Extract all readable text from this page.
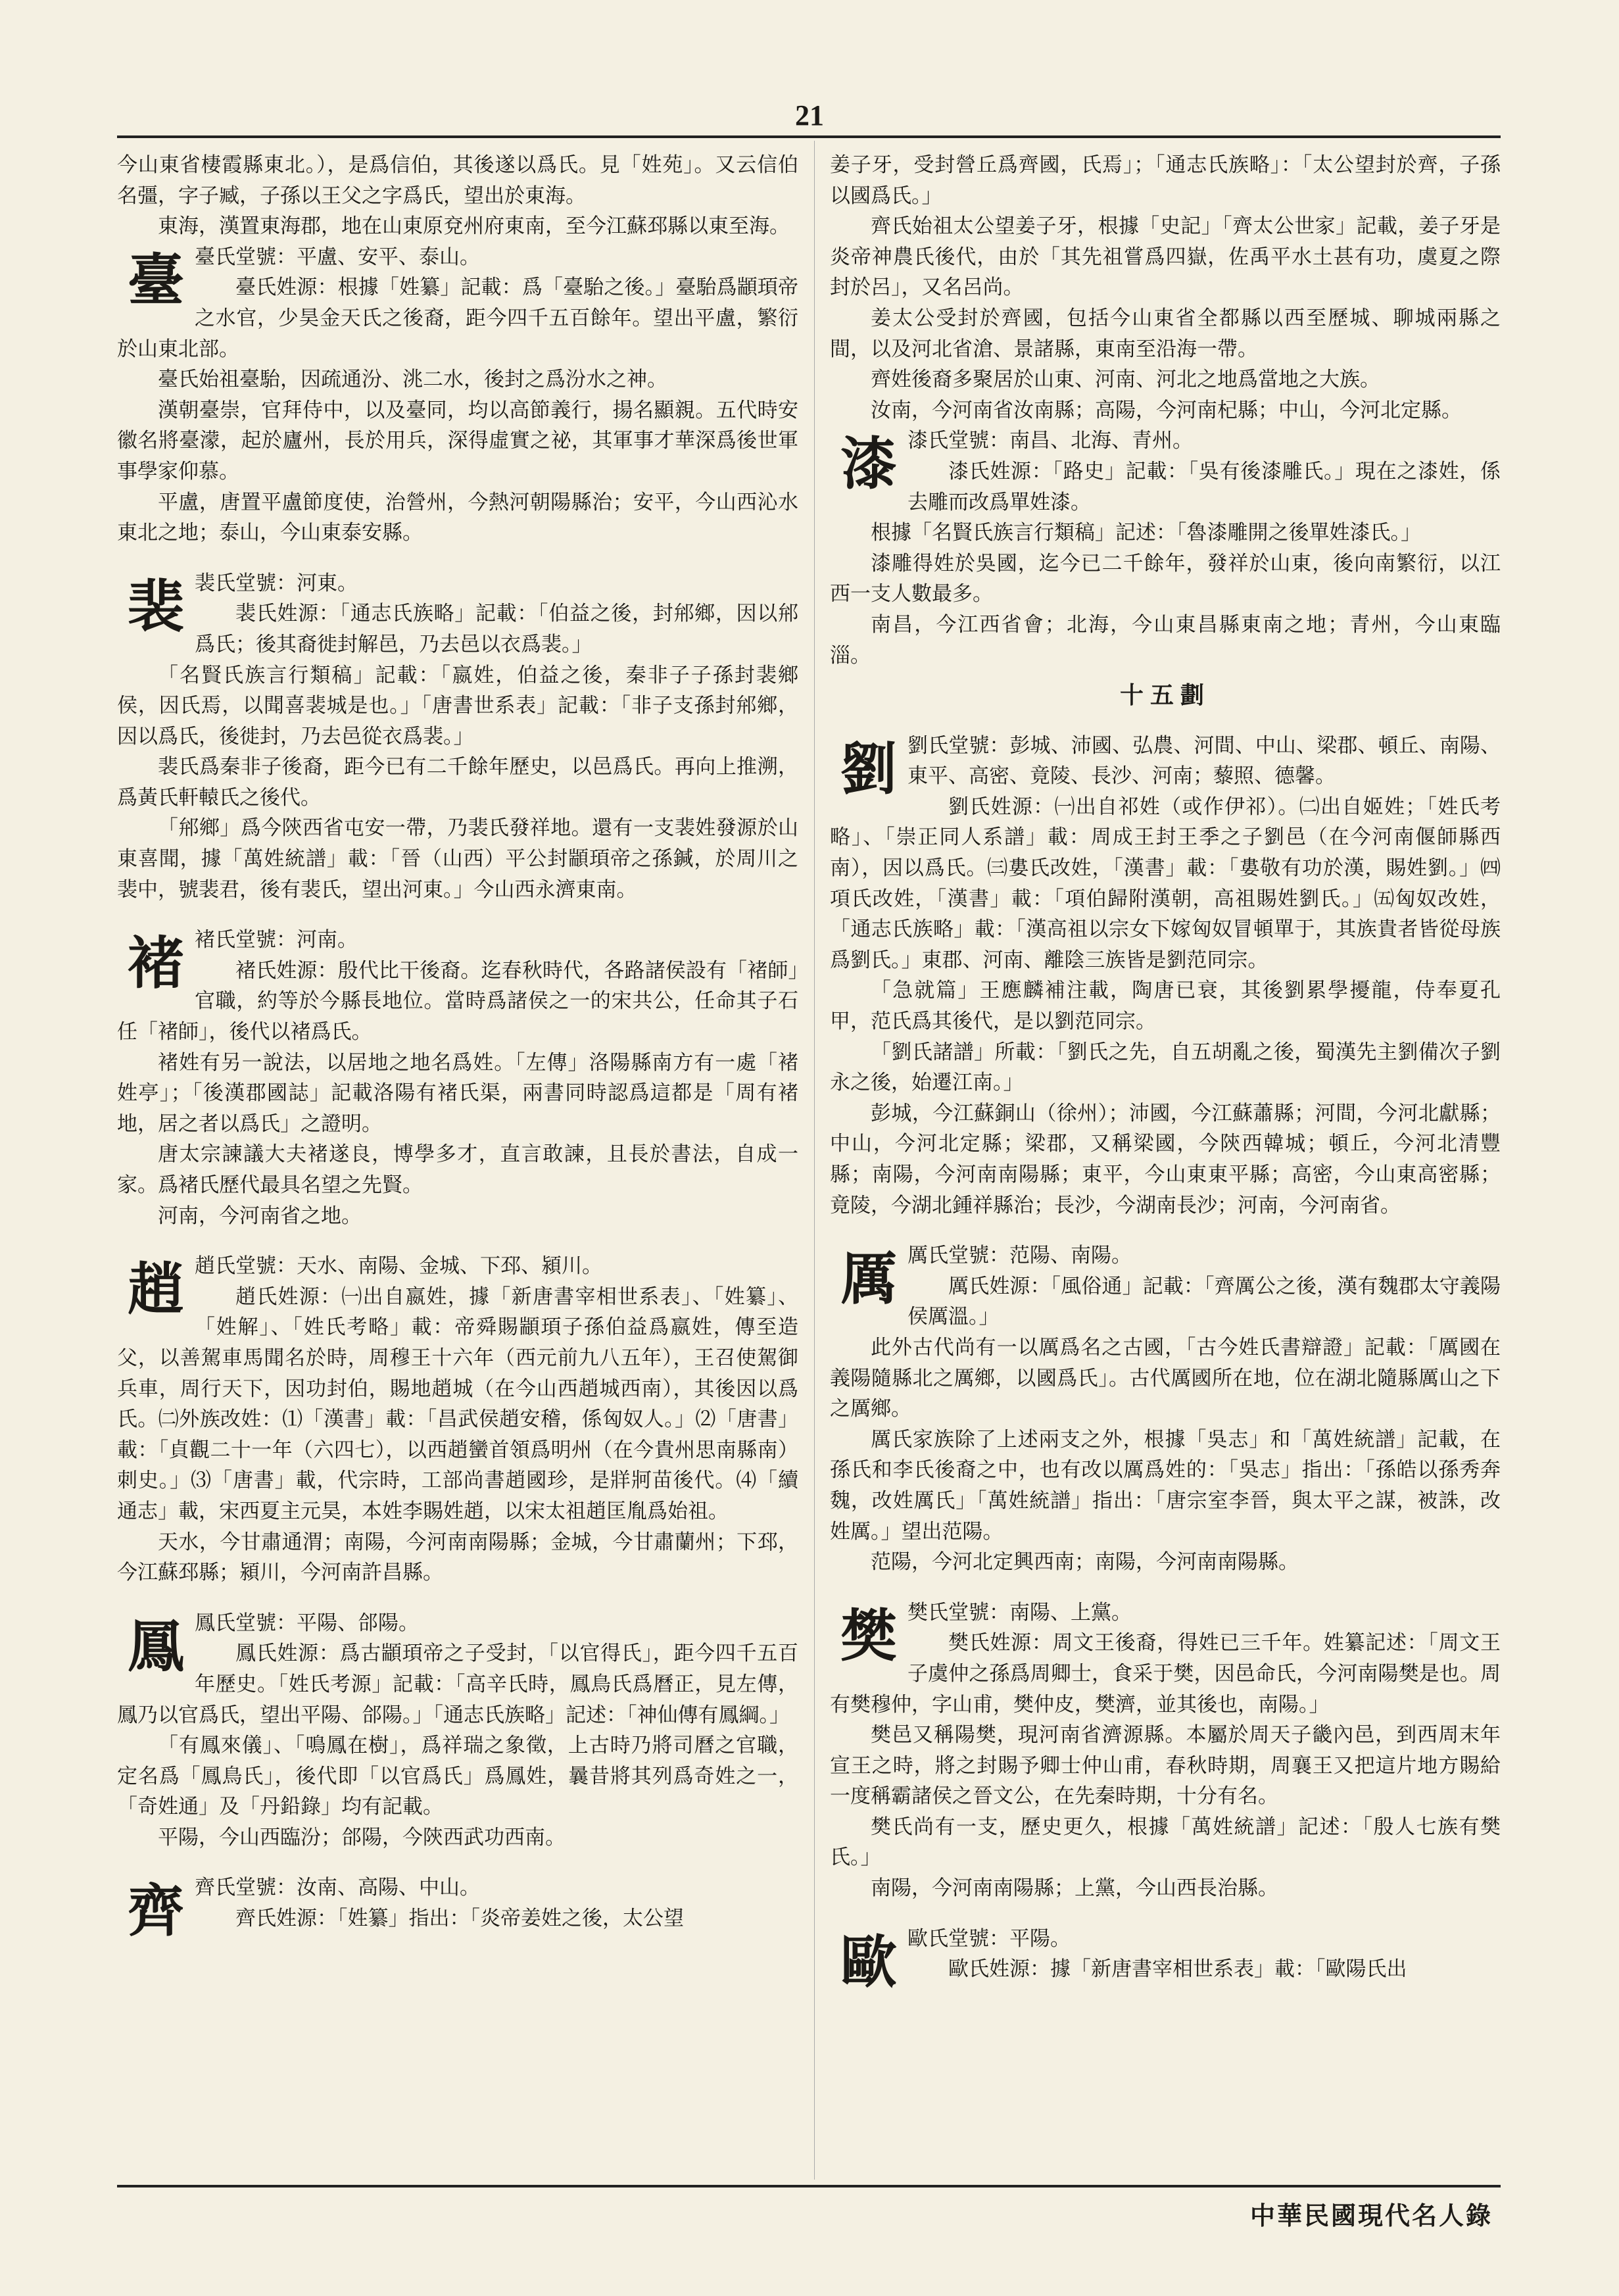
21

今山東省棲霞縣東北。），是爲信伯，其後遂以爲氏。見「姓苑」。又云信伯名彊，字子臧，子孫以王父之字爲氏，望出於東海。

東海，漢置東海郡，地在山東原兗州府東南，至今江蘇邳縣以東至海。

臺 臺氏堂號：平盧、安平、泰山。

臺氏姓源：根據「姓纂」記載：爲「臺駘之後。」臺駘爲顓頊帝之水官，少昊金天氏之後裔，距今四千五百餘年。望出平盧，繁衍於山東北部。

臺氏始祖臺駘，因疏通汾、洮二水，後封之爲汾水之神。

漢朝臺崇，官拜侍中，以及臺同，均以高節義行，揚名顯親。五代時安徽名將臺濛，起於廬州，長於用兵，深得虛實之祕，其軍事才華深爲後世軍事學家仰慕。

平盧，唐置平盧節度使，治營州，今熱河朝陽縣治；安平，今山西沁水東北之地；泰山，今山東泰安縣。

裴 裴氏堂號：河東。

裴氏姓源：「通志氏族略」記載：「伯益之後，封𨚕鄉，因以𨚕爲氏；後其裔徙封解邑，乃去邑以衣爲裴。」

「名賢氏族言行類稿」記載：「嬴姓，伯益之後，秦非子子孫封裴鄉侯，因氏焉，以聞喜裴城是也。」「唐書世系表」記載：「非子支孫封𨚕鄉，因以爲氏，後徙封，乃去邑從衣爲裴。」

裴氏爲秦非子後裔，距今已有二千餘年歷史，以邑爲氏。再向上推溯，爲黃氏軒轅氏之後代。

「𨚕鄉」爲今陝西省屯安一帶，乃裴氏發祥地。還有一支裴姓發源於山東喜聞，據「萬姓統譜」載：「晉（山西）平公封顓頊帝之孫鍼，於周川之裴中，號裴君，後有裴氏，望出河東。」今山西永濟東南。

褚 褚氏堂號：河南。

褚氏姓源：殷代比干後裔。迄春秋時代，各路諸侯設有「褚師」官職，約等於今縣長地位。當時爲諸侯之一的宋共公，任命其子石任「褚師」，後代以褚爲氏。

褚姓有另一說法，以居地之地名爲姓。「左傳」洛陽縣南方有一處「褚姓亭」；「後漢郡國誌」記載洛陽有褚氏渠，兩書同時認爲這都是「周有褚地，居之者以爲氏」之證明。

唐太宗諫議大夫褚遂良，博學多才，直言敢諫，且長於書法，自成一家。爲褚氏歷代最具名望之先賢。

河南，今河南省之地。

趙 趙氏堂號：天水、南陽、金城、下邳、潁川。

趙氏姓源：㈠出自嬴姓，據「新唐書宰相世系表」、「姓纂」、「姓解」、「姓氏考略」載：帝舜賜顓頊子孫伯益爲嬴姓，傳至造父，以善駕車馬聞名於時，周穆王十六年（西元前九八五年），王召使駕御兵車，周行天下，因功封伯，賜地趙城（在今山西趙城西南），其後因以爲氏。㈡外族改姓：⑴「漢書」載：「昌武侯趙安稽，係匈奴人。」⑵「唐書」載：「貞觀二十一年（六四七），以西趙蠻首領爲明州（在今貴州思南縣南）刺史。」⑶「唐書」載，代宗時，工部尚書趙國珍，是牂牁苗後代。⑷「續通志」載，宋西夏主元昊，本姓李賜姓趙，以宋太祖趙匡胤爲始祖。

天水，今甘肅通渭；南陽，今河南南陽縣；金城，今甘肅蘭州；下邳，今江蘇邳縣；潁川，今河南許昌縣。

鳳 鳳氏堂號：平陽、郃陽。

鳳氏姓源：爲古顓頊帝之子受封，「以官得氏」，距今四千五百年歷史。「姓氏考源」記載：「高辛氏時，鳳鳥氏爲曆正，見左傳，鳳乃以官爲氏，望出平陽、郃陽。」「通志氏族略」記述：「神仙傳有鳳綱。」

「有鳳來儀」、「鳴鳳在樹」，爲祥瑞之象徵，上古時乃將司曆之官職，定名爲「鳳鳥氏」，後代即「以官爲氏」爲鳳姓，曩昔將其列爲奇姓之一，「奇姓通」及「丹鉛錄」均有記載。

平陽，今山西臨汾；郃陽，今陝西武功西南。

齊 齊氏堂號：汝南、高陽、中山。

齊氏姓源：「姓纂」指出：「炎帝姜姓之後，太公望

姜子牙，受封營丘爲齊國，氏焉」；「通志氏族略」：「太公望封於齊，子孫以國爲氏。」

齊氏始祖太公望姜子牙，根據「史記」「齊太公世家」記載，姜子牙是炎帝神農氏後代，由於「其先祖嘗爲四嶽，佐禹平水土甚有功，虞夏之際封於呂」，又名呂尚。

姜太公受封於齊國，包括今山東省全都縣以西至歷城、聊城兩縣之間，以及河北省滄、景諸縣，東南至沿海一帶。

齊姓後裔多聚居於山東、河南、河北之地爲當地之大族。

汝南，今河南省汝南縣；高陽，今河南杞縣；中山，今河北定縣。

漆 漆氏堂號：南昌、北海、青州。

漆氏姓源：「路史」記載：「吳有後漆雕氏。」現在之漆姓，係去雕而改爲單姓漆。

根據「名賢氏族言行類稿」記述：「魯漆雕開之後單姓漆氏。」

漆雕得姓於吳國，迄今已二千餘年，發祥於山東，後向南繁衍，以江西一支人數最多。

南昌，今江西省會；北海，今山東昌縣東南之地；青州，今山東臨淄。

十五劃
劉 劉氏堂號：彭城、沛國、弘農、河間、中山、梁郡、頓丘、南陽、東平、高密、竟陵、長沙、河南；藜照、德馨。

劉氏姓源：㈠出自祁姓（或作伊祁）。㈡出自姬姓；「姓氏考略」、「崇正同人系譜」載：周成王封王季之子劉邑（在今河南偃師縣西南），因以爲氏。㈢婁氏改姓，「漢書」載：「婁敬有功於漢，賜姓劉。」㈣項氏改姓，「漢書」載：「項伯歸附漢朝，高祖賜姓劉氏。」㈤匈奴改姓，「通志氏族略」載：「漢高祖以宗女下嫁匈奴冒頓單于，其族貴者皆從母族爲劉氏。」東郡、河南、離陰三族皆是劉范同宗。

「急就篇」王應麟補注載，陶唐已衰，其後劉累學擾龍，侍奉夏孔甲，范氏爲其後代，是以劉范同宗。

「劉氏諸譜」所載：「劉氏之先，自五胡亂之後，蜀漢先主劉備次子劉永之後，始遷江南。」

彭城，今江蘇銅山（徐州）；沛國，今江蘇蕭縣；河間，今河北獻縣；中山，今河北定縣；梁郡，又稱梁國，今陝西韓城；頓丘，今河北清豐縣；南陽，今河南南陽縣；東平，今山東東平縣；高密，今山東高密縣；竟陵，今湖北鍾祥縣治；長沙，今湖南長沙；河南，今河南省。

厲 厲氏堂號：范陽、南陽。

厲氏姓源：「風俗通」記載：「齊厲公之後，漢有魏郡太守義陽侯厲溫。」

此外古代尚有一以厲爲名之古國，「古今姓氏書辯證」記載：「厲國在義陽隨縣北之厲鄉，以國爲氏」。古代厲國所在地，位在湖北隨縣厲山之下之厲鄉。

厲氏家族除了上述兩支之外，根據「吳志」和「萬姓統譜」記載，在孫氏和李氏後裔之中，也有改以厲爲姓的：「吳志」指出：「孫皓以孫秀奔魏，改姓厲氏」「萬姓統譜」指出：「唐宗室李晉，與太平之謀，被誅，改姓厲。」望出范陽。

范陽，今河北定興西南；南陽，今河南南陽縣。

樊 樊氏堂號：南陽、上黨。

樊氏姓源：周文王後裔，得姓已三千年。姓纂記述：「周文王子虞仲之孫爲周卿士，食采于樊，因邑命氏，今河南陽樊是也。周有樊穆仲，字山甫，樊仲皮，樊濟，並其後也，南陽。」

樊邑又稱陽樊，現河南省濟源縣。本屬於周天子畿內邑，到西周末年宣王之時，將之封賜予卿士仲山甫，春秋時期，周襄王又把這片地方賜給一度稱霸諸侯之晉文公，在先秦時期，十分有名。

樊氏尚有一支，歷史更久，根據「萬姓統譜」記述：「殷人七族有樊氏。」

南陽，今河南南陽縣；上黨，今山西長治縣。

歐 歐氏堂號：平陽。

歐氏姓源：據「新唐書宰相世系表」載：「歐陽氏出

中華民國現代名人錄
